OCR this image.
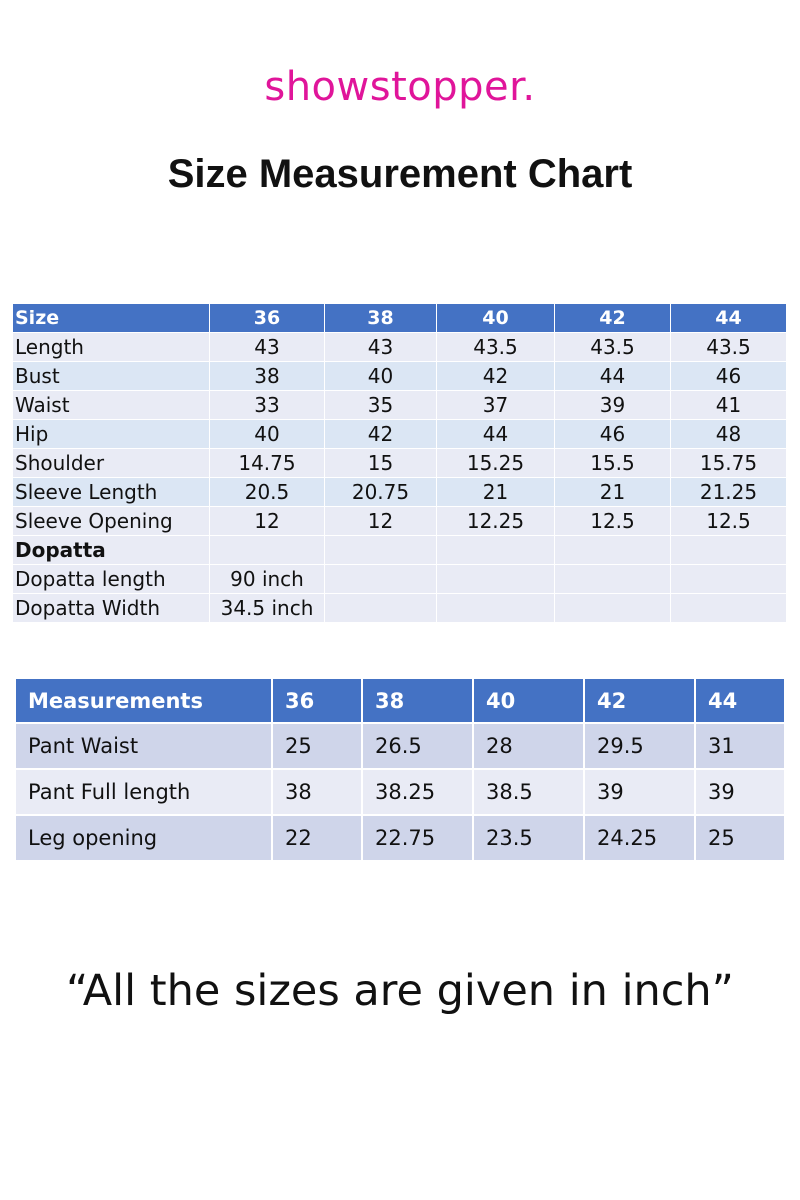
showstopper.
Size Measurement Chart
Size	36	38	40	42	44
Length	43	43	43.5	43.5	43.5
Bust	38	40	42	44	46
Waist	33	35	37	39	41
Hip	40	42	44	46	48
Shoulder	14.75	15	15.25	15.5	15.75
Sleeve Length	20.5	20.75	21	21	21.25
Sleeve Opening	12	12	12.25	12.5	12.5
Dopatta					
Dopatta length	90 inch				
Dopatta Width	34.5 inch				
Measurements	36	38	40	42	44
Pant Waist	25	26.5	28	29.5	31
Pant Full length	38	38.25	38.5	39	39
Leg opening	22	22.75	23.5	24.25	25
“All the sizes are given in inch”
